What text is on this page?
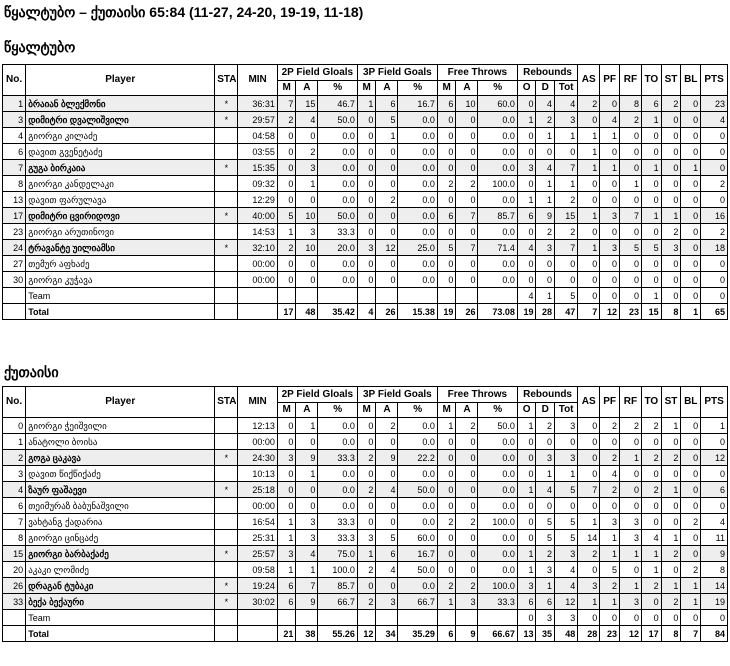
წყალტუბო – ქუთაისი 65:84 (11-27, 24-20, 19-19, 11-18)
წყალტუბო
No.	Player	STA	MIN	2P Field Gloals			3P Field Goals			Free Throws			Rebounds			AS	PF	RF	TO	ST	BL	PTS
				M	A	%	M	A	%	M	A	%	O	D	Tot							
1	ბრაიან ბლექმონი	*	36:31	7	15	46.7	1	6	16.7	6	10	60.0	0	4	4	2	0	8	6	2	0	23
3	დიმიტრი დვალიშვილი	*	29:57	2	4	50.0	0	5	0.0	0	0	0.0	1	2	3	0	4	2	1	0	0	4
4	გიორგი კილაძე		04:58	0	0	0.0	0	1	0.0	0	0	0.0	0	1	1	1	1	0	0	0	0	0
6	დავით გვენეტაძე		03:55	0	2	0.0	0	0	0.0	0	0	0.0	0	0	0	1	0	0	0	0	0	0
7	გუგა ბირკაია	*	15:35	0	3	0.0	0	0	0.0	0	0	0.0	3	4	7	1	1	0	1	0	1	0
8	გიორგი კანდელაკი		09:32	0	1	0.0	0	0	0.0	2	2	100.0	0	1	1	0	0	1	0	0	0	2
13	დავით ფარულავა		12:29	0	0	0.0	0	2	0.0	0	0	0.0	1	1	2	0	0	0	0	0	0	0
17	დიმიტრი ცვირიდოვი	*	40:00	5	10	50.0	0	0	0.0	6	7	85.7	6	9	15	1	3	7	1	1	0	16
23	გიორგი არუთინოვი		14:53	1	3	33.3	0	0	0.0	0	0	0.0	0	2	2	0	0	0	0	2	0	2
24	ტრავანტე უილიამსი	*	32:10	2	10	20.0	3	12	25.0	5	7	71.4	4	3	7	1	3	5	5	3	0	18
27	თემურ აფხაძე		00:00	0	0	0.0	0	0	0.0	0	0	0.0	0	0	0	0	0	0	0	0	0	0
30	გიორგი კუჭავა		00:00	0	0	0.0	0	0	0.0	0	0	0.0	0	0	0	0	0	0	0	0	0	0
	Team												4	1	5	0	0	0	1	0	0	0
	Total			17	48	35.42	4	26	15.38	19	26	73.08	19	28	47	7	12	23	15	8	1	65
ქუთაისი
No.	Player	STA	MIN	2P Field Gloals			3P Field Goals			Free Throws			Rebounds			AS	PF	RF	TO	ST	BL	PTS
				M	A	%	M	A	%	M	A	%	O	D	Tot							
0	გიორგი ჭეიშვილი		12:13	0	1	0.0	0	2	0.0	1	2	50.0	1	2	3	0	2	2	2	1	0	1
1	ანატოლი ბოისა		00:00	0	0	0.0	0	0	0.0	0	0	0.0	0	0	0	0	0	0	0	0	0	0
2	გოგა ცაკავა	*	24:30	3	9	33.3	2	9	22.2	0	0	0.0	0	3	3	0	2	1	2	2	0	12
3	დავით წიქწიქაძე		10:13	0	1	0.0	0	0	0.0	0	0	0.0	0	1	1	0	4	0	0	0	0	0
4	ზაურ ფაშაევი	*	25:18	0	0	0.0	2	4	50.0	0	0	0.0	1	4	5	7	2	0	2	1	0	6
6	თეიმურაზ ბაბუნაშვილი		00:00	0	0	0.0	0	0	0.0	0	0	0.0	0	0	0	0	0	0	0	0	0	0
7	ვახტანგ ქადარია		16:54	1	3	33.3	0	0	0.0	2	2	100.0	0	5	5	1	3	3	0	0	2	4
8	გიორგი ცინცაძე		25:31	1	3	33.3	3	5	60.0	0	0	0.0	0	5	5	14	1	3	4	1	0	11
15	გიორგი ბარბაქაძე	*	25:57	3	4	75.0	1	6	16.7	0	0	0.0	1	2	3	2	1	1	1	2	0	9
20	აკაკი ლომიძე		09:58	1	1	100.0	2	4	50.0	0	0	0.0	1	3	4	0	5	0	1	0	2	8
26	დრაგან ტუბაკი	*	19:24	6	7	85.7	0	0	0.0	2	2	100.0	3	1	4	3	2	1	2	1	1	14
33	ბექა ბექაური	*	30:02	6	9	66.7	2	3	66.7	1	3	33.3	6	6	12	1	1	3	0	2	1	19
	Team												0	3	3	0	0	0	0	0	0	0
	Total			21	38	55.26	12	34	35.29	6	9	66.67	13	35	48	28	23	12	17	8	7	84
